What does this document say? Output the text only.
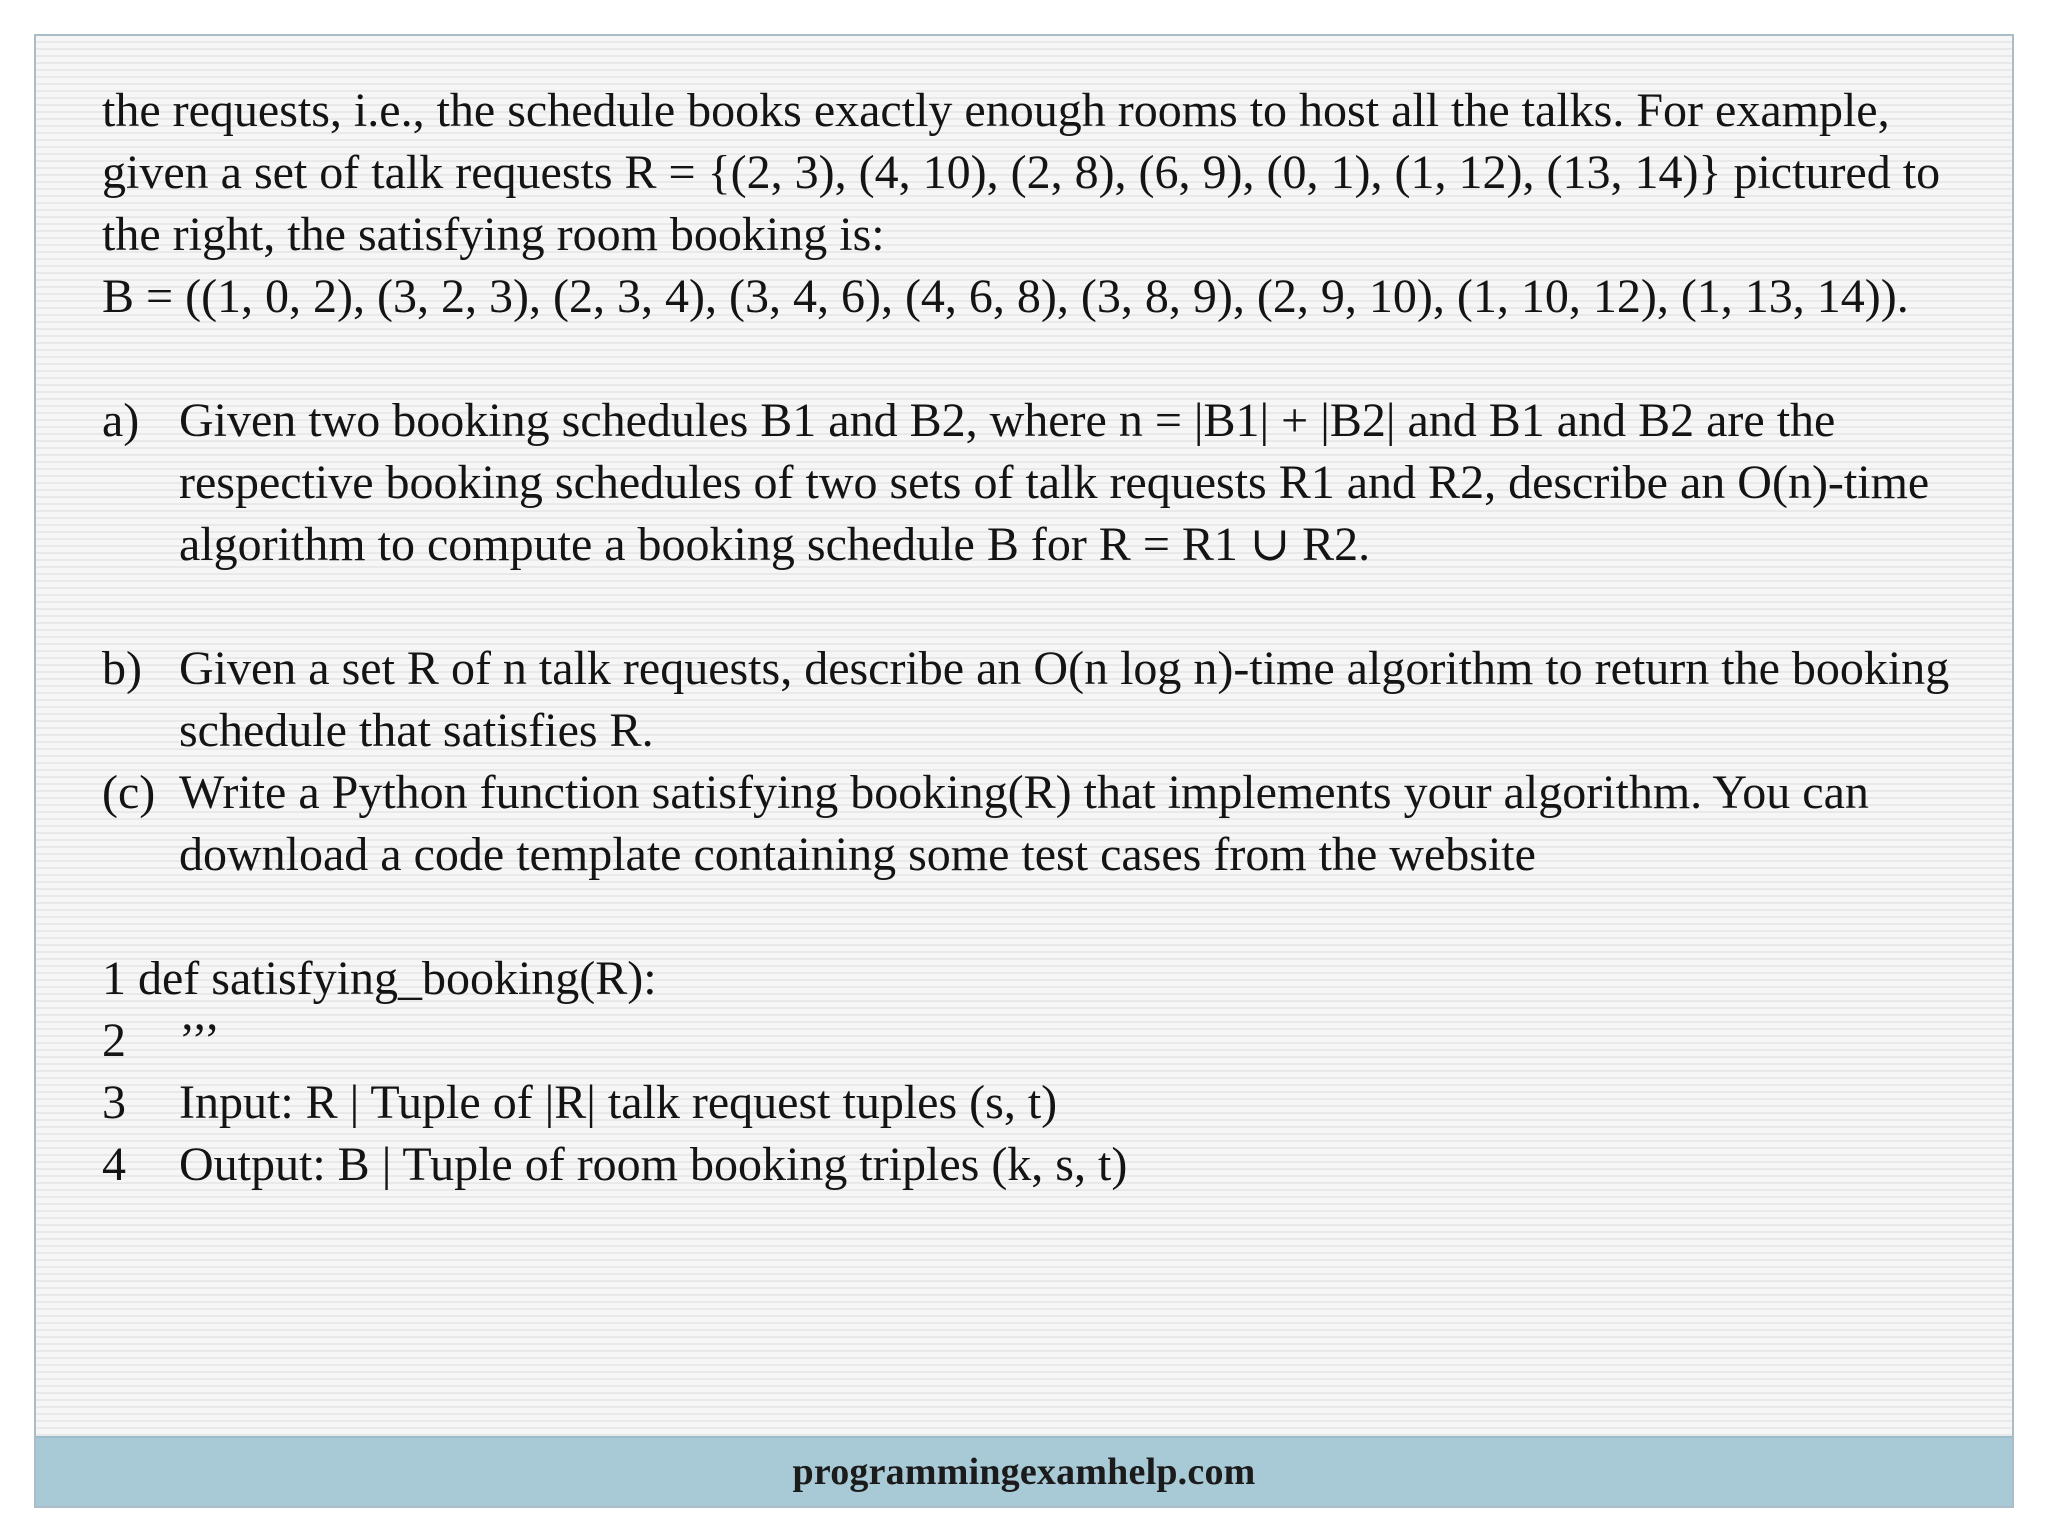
the requests, i.e., the schedule books exactly enough rooms to host all the talks. For example, given a set of talk requests R = {(2, 3), (4, 10), (2, 8), (6, 9), (0, 1), (1, 12), (13, 14)} pictured to the right, the satisfying room booking is:

B = ((1, 0, 2), (3, 2, 3), (2, 3, 4), (3, 4, 6), (4, 6, 8), (3, 8, 9), (2, 9, 10), (1, 10, 12), (1, 13, 14)).

a) Given two booking schedules B1 and B2, where n = |B1| + |B2| and B1 and B2 are the respective booking schedules of two sets of talk requests R1 and R2, describe an O(n)-time algorithm to compute a booking schedule B for R = R1 ∪ R2.
b) Given a set R of n talk requests, describe an O(n log n)-time algorithm to return the booking schedule that satisfies R.
(c) Write a Python function satisfying booking(R) that implements your algorithm. You can download a code template containing some test cases from the website
1 def satisfying_booking(R):
2	’’’
3	Input: R | Tuple of |R| talk request tuples (s, t)
4	Output: B | Tuple of room booking triples (k, s, t)
programmingexamhelp.com
